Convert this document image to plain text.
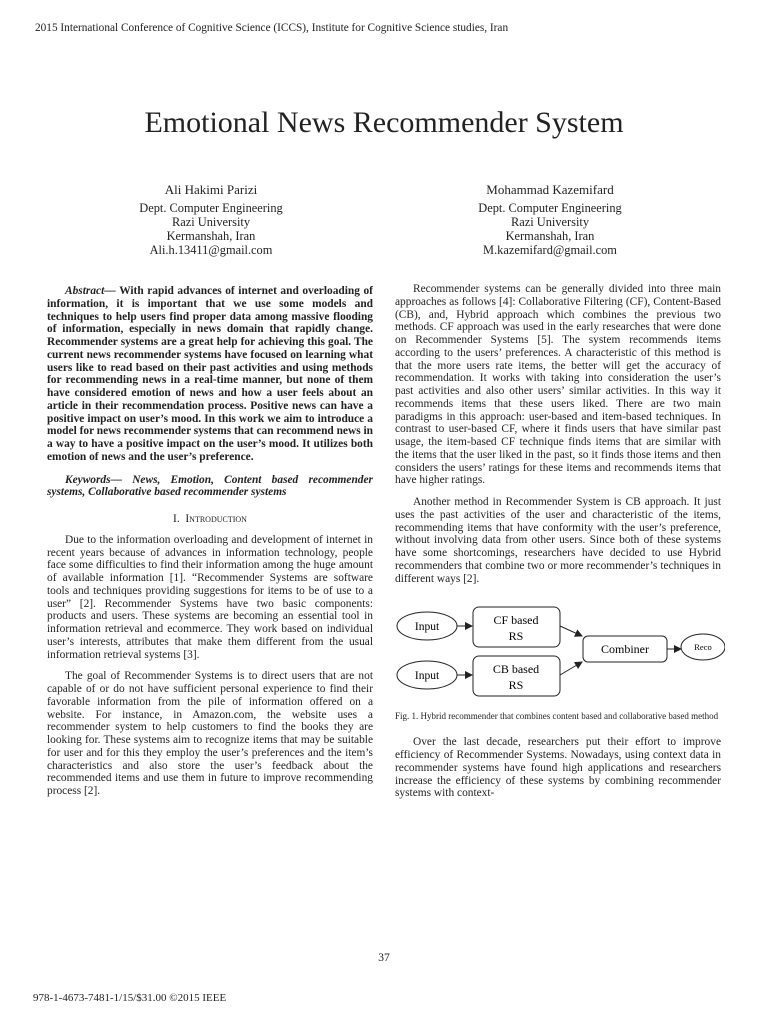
2015 International Conference of Cognitive Science (ICCS), Institute for Cognitive Science studies, Iran
Emotional News Recommender System
Ali Hakimi Parizi
Dept. Computer Engineering
Razi University
Kermanshah, Iran
Ali.h.13411@gmail.com
Mohammad Kazemifard
Dept. Computer Engineering
Razi University
Kermanshah, Iran
M.kazemifard@gmail.com

Abstract— With rapid advances of internet and overloading of information, it is important that we use some models and techniques to help users find proper data among massive flooding of information, especially in news domain that rapidly change. Recommender systems are a great help for achieving this goal. The current news recommender systems have focused on learning what users like to read based on their past activities and using methods for recommending news in a real-time manner, but none of them have considered emotion of news and how a user feels about an article in their recommendation process. Positive news can have a positive impact on user’s mood. In this work we aim to introduce a model for news recommender systems that can recommend news in a way to have a positive impact on the user’s mood. It utilizes both emotion of news and the user’s preference.

Keywords— News, Emotion, Content based recommender systems, Collaborative based recommender systems

I. Introduction

Due to the information overloading and development of internet in recent years because of advances in information technology, people face some difficulties to find their information among the huge amount of available information [1]. “Recommender Systems are software tools and techniques providing suggestions for items to be of use to a user” [2]. Recommender Systems have two basic components: products and users. These systems are becoming an essential tool in information retrieval and ecommerce. They work based on individual user’s interests, attributes that make them different from the usual information retrieval systems [3].

The goal of Recommender Systems is to direct users that are not capable of or do not have sufficient personal experience to find their favorable information from the pile of information offered on a website. For instance, in Amazon.com, the website uses a recommender system to help customers to find the books they are looking for. These systems aim to recognize items that may be suitable for user and for this they employ the user’s preferences and the item’s characteristics and also store the user’s feedback about the recommended items and use them in future to improve recommending process [2].

Recommender systems can be generally divided into three main approaches as follows [4]: Collaborative Filtering (CF), Content-Based (CB), and, Hybrid approach which combines the previous two methods. CF approach was used in the early researches that were done on Recommender Systems [5]. The system recommends items according to the users’ preferences. A characteristic of this method is that the more users rate items, the better will get the accuracy of recommendation. It works with taking into consideration the user’s past activities and also other users’ similar activities. In this way it recommends items that these users liked. There are two main paradigms in this approach: user-based and item-based techniques. In contrast to user-based CF, where it finds users that have similar past usage, the item-based CF technique finds items that are similar with the items that the user liked in the past, so it finds those items and then considers the users’ ratings for these items and recommends items that have higher ratings.

Another method in Recommender System is CB approach. It just uses the past activities of the user and characteristic of the items, recommending items that have conformity with the user’s preference, without involving data from other users. Since both of these systems have some shortcomings, researchers have decided to use Hybrid recommenders that combine two or more recommender’s techniques in different ways [2].

Input
Input
CF based
RS
CB based
RS
Combiner	Reco
Fig. 1. Hybrid recommender that combines content based and collaborative based method

Over the last decade, researchers put their effort to improve efficiency of Recommender Systems. Nowadays, using context data in recommender systems have found high applications and researchers increase the efficiency of these systems by combining recommender systems with context-

37
978-1-4673-7481-1/15/$31.00 ©2015 IEEE
